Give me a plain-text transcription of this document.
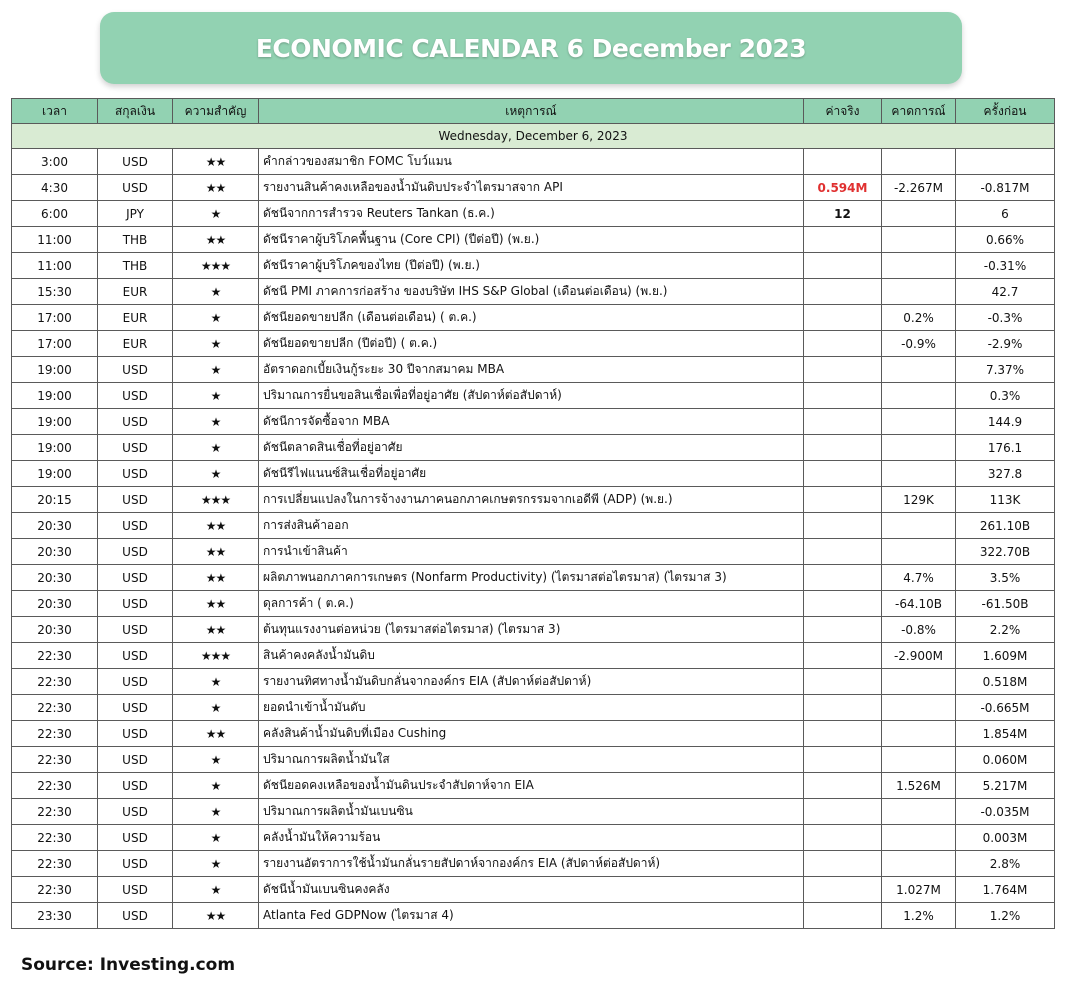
ECONOMIC CALENDAR 6 December 2023
เวลา	สกุลเงิน	ความสำคัญ	เหตุการณ์	ค่าจริง	คาดการณ์	ครั้งก่อน
Wednesday, December 6, 2023						
3:00	USD	★★	คำกล่าวของสมาชิก FOMC โบว์แมน			
4:30	USD	★★	รายงานสินค้าคงเหลือของน้ำมันดิบประจำไตรมาสจาก API	0.594M	-2.267M	-0.817M
6:00	JPY	★	ดัชนีจากการสำรวจ Reuters Tankan (ธ.ค.)	12		6
11:00	THB	★★	ดัชนีราคาผู้บริโภคพื้นฐาน (Core CPI) (ปีต่อปี) (พ.ย.)			0.66%
11:00	THB	★★★	ดัชนีราคาผู้บริโภคของไทย (ปีต่อปี) (พ.ย.)			-0.31%
15:30	EUR	★	ดัชนี PMI ภาคการก่อสร้าง ของบริษัท IHS S&P Global (เดือนต่อเดือน) (พ.ย.)			42.7
17:00	EUR	★	ดัชนียอดขายปลีก (เดือนต่อเดือน) ( ต.ค.)		0.2%	-0.3%
17:00	EUR	★	ดัชนียอดขายปลีก (ปีต่อปี) ( ต.ค.)		-0.9%	-2.9%
19:00	USD	★	อัตราดอกเบี้ยเงินกู้ระยะ 30 ปีจากสมาคม MBA			7.37%
19:00	USD	★	ปริมาณการยื่นขอสินเชื่อเพื่อที่อยู่อาศัย (สัปดาห์ต่อสัปดาห์)			0.3%
19:00	USD	★	ดัชนีการจัดซื้อจาก MBA			144.9
19:00	USD	★	ดัชนีตลาดสินเชื่อที่อยู่อาศัย			176.1
19:00	USD	★	ดัชนีรีไฟแนนซ์สินเชื่อที่อยู่อาศัย			327.8
20:15	USD	★★★	การเปลี่ยนแปลงในการจ้างงานภาคนอกภาคเกษตรกรรมจากเอดีพี (ADP) (พ.ย.)		129K	113K
20:30	USD	★★	การส่งสินค้าออก			261.10B
20:30	USD	★★	การนำเข้าสินค้า			322.70B
20:30	USD	★★	ผลิตภาพนอกภาคการเกษตร (Nonfarm Productivity) (ไตรมาสต่อไตรมาส) (ไตรมาส 3)		4.7%	3.5%
20:30	USD	★★	ดุลการค้า ( ต.ค.)		-64.10B	-61.50B
20:30	USD	★★	ต้นทุนแรงงานต่อหน่วย (ไตรมาสต่อไตรมาส) (ไตรมาส 3)		-0.8%	2.2%
22:30	USD	★★★	สินค้าคงคลังน้ำมันดิบ		-2.900M	1.609M
22:30	USD	★	รายงานทิศทางน้ำมันดิบกลั่นจากองค์กร EIA (สัปดาห์ต่อสัปดาห์)			0.518M
22:30	USD	★	ยอดนำเข้าน้ำมันดับ			-0.665M
22:30	USD	★★	คลังสินค้าน้ำมันดิบที่เมือง Cushing			1.854M
22:30	USD	★	ปริมาณการผลิตน้ำมันใส			0.060M
22:30	USD	★	ดัชนียอดคงเหลือของน้ำมันดินประจำสัปดาห์จาก EIA		1.526M	5.217M
22:30	USD	★	ปริมาณการผลิตน้ำมันเบนซิน			-0.035M
22:30	USD	★	คลังน้ำมันให้ความร้อน			0.003M
22:30	USD	★	รายงานอัตราการใช้น้ำมันกลั่นรายสัปดาห์จากองค์กร EIA (สัปดาห์ต่อสัปดาห์)			2.8%
22:30	USD	★	ดัชนีน้ำมันเบนซินคงคลัง		1.027M	1.764M
23:30	USD	★★	Atlanta Fed GDPNow (ไตรมาส 4)		1.2%	1.2%
Source: Investing.com
